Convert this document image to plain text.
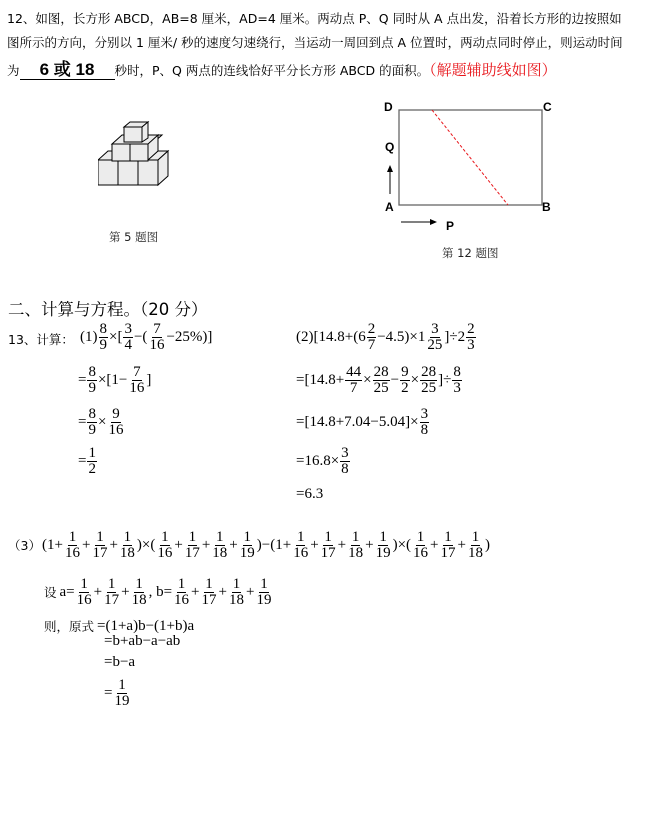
12、如图，长方形 ABCD，AB=8 厘米，AD=4 厘米。两动点 P、Q 同时从 A 点出发，沿着长方形的边按照如
图所示的方向，分别以 1 厘米/ 秒的速度匀速绕行，当运动一周回到点 A 位置时，两动点同时停止，则运动时间
为 6 或 18 秒时，P、Q 两点的连线恰好平分长方形 ABCD 的面积。（解题辅助线如图）
第 5 题图
D	C
Q
A	B
P
第 12 题图
二、计算与方程。（20 分）
13、计算： $(1) \frac{8}{9}$ ×[ $\frac{3}{4}$ −( $\frac{7}{16} -25\%$)]
= $\frac{8}{9} \times[1- \frac{7}{16}$ ]
= $\frac{8}{9} \times \frac{9}{16}$
= $\frac{1}{2}$
$(2)[14.8+(6 \frac{2}{7} -4.5)\times 1 \frac{3}{25} ]\div 2 \frac{2}{3}$
$=[14.8+ \frac{44}{7} \times \frac{28}{25} - \frac{9}{2} \times \frac{28}{25}$ ]÷ $\frac{8}{3}$
$=[14.8+7.04-5.04]\times \frac{3}{8}$
$=16.8\times \frac{3}{8}$
=6.3
（3） ($1+ \frac{1}{16} + \frac{1}{17} + \frac{1}{18}$ )×( $\frac{1}{16} + \frac{1}{17} + \frac{1}{18} + \frac{1}{19} )-(1+ \frac{1}{16} + \frac{1}{17} + \frac{1}{18} + \frac{1}{19}$ )×( $\frac{1}{16} + \frac{1}{17} + \frac{1}{18}$ )
设 $a= \frac{1}{16} + \frac{1}{17} + \frac{1}{18}$ , $b= \frac{1}{16} + \frac{1}{17} + \frac{1}{18} + \frac{1}{19}$
则，原式 =(1+a)b−(1+b)a
=b+ab−a−ab
=b−a
= $\frac{1}{19}$
